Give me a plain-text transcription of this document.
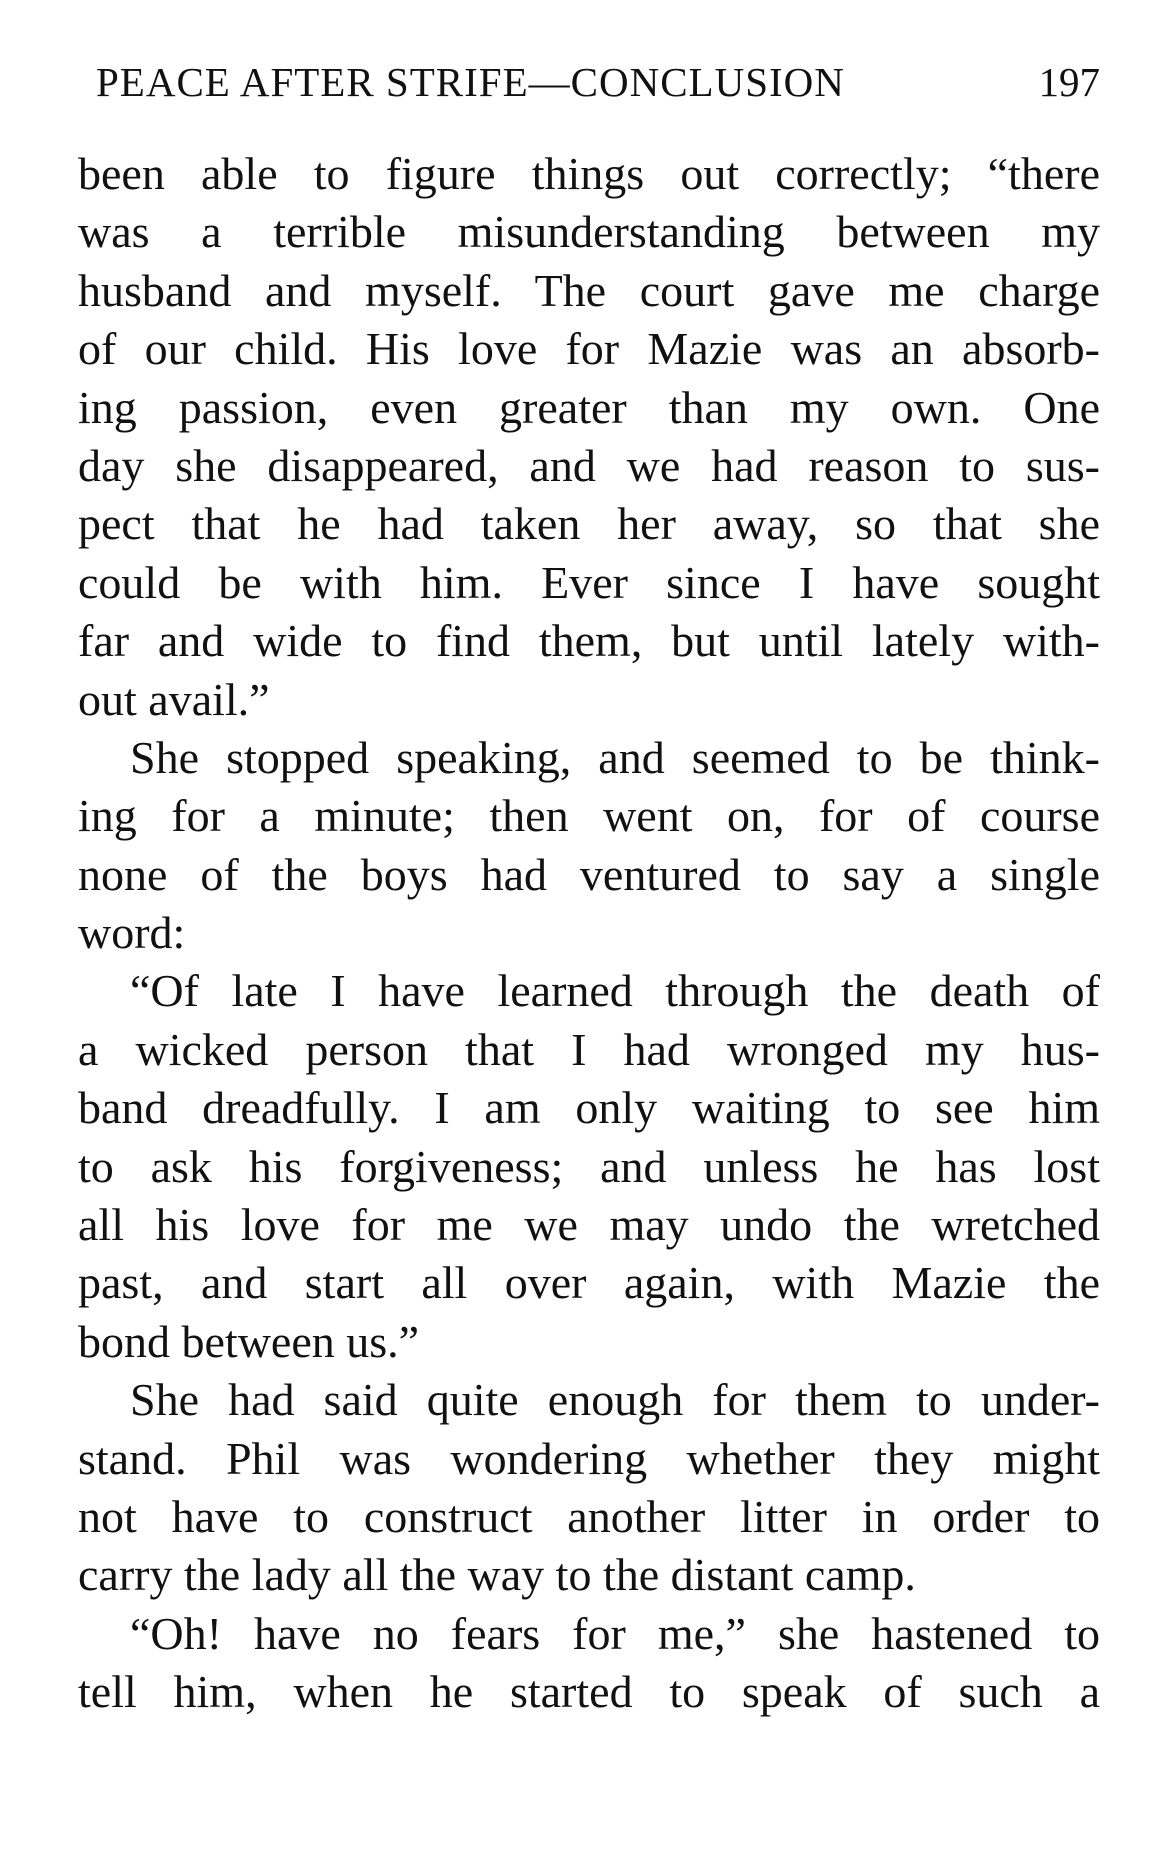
PEACE AFTER STRIFE—CONCLUSION	197
been able to figure things out correctly; “there
was a terrible misunderstanding between my
husband and myself. The court gave me charge
of our child. His love for Mazie was an absorb-
ing passion, even greater than my own. One
day she disappeared, and we had reason to sus-
pect that he had taken her away, so that she
could be with him. Ever since I have sought
far and wide to find them, but until lately with-
out avail.”
She stopped speaking, and seemed to be think-
ing for a minute; then went on, for of course
none of the boys had ventured to say a single
word:
“Of late I have learned through the death of
a wicked person that I had wronged my hus-
band dreadfully. I am only waiting to see him
to ask his forgiveness; and unless he has lost
all his love for me we may undo the wretched
past, and start all over again, with Mazie the
bond between us.”
She had said quite enough for them to under-
stand. Phil was wondering whether they might
not have to construct another litter in order to
carry the lady all the way to the distant camp.
“Oh! have no fears for me,” she hastened to
tell him, when he started to speak of such a
